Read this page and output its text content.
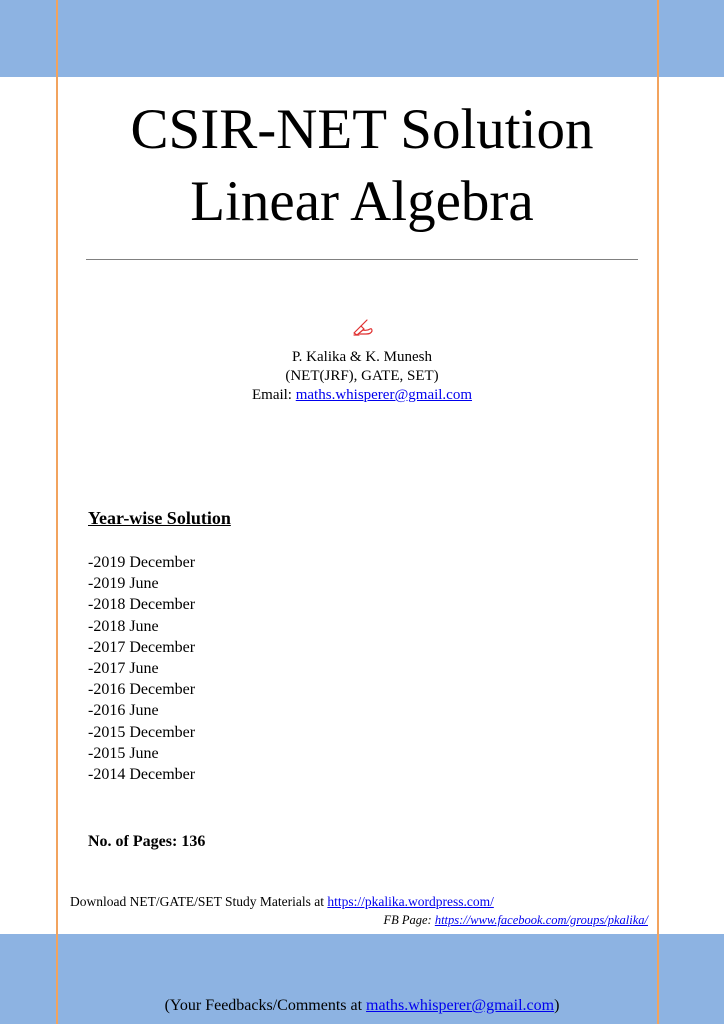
CSIR-NET Solution
Linear Algebra
P. Kalika & K. Munesh
(NET(JRF), GATE, SET)
Email: maths.whisperer@gmail.com
Year-wise Solution
-2019 December
-2019 June
-2018 December
-2018 June
-2017 December
-2017 June
-2016 December
-2016 June
-2015 December
-2015 June
-2014 December
No. of Pages: 136
Download NET/GATE/SET Study Materials at https://pkalika.wordpress.com/
FB Page: https://www.facebook.com/groups/pkalika/
(Your Feedbacks/Comments at maths.whisperer@gmail.com)
